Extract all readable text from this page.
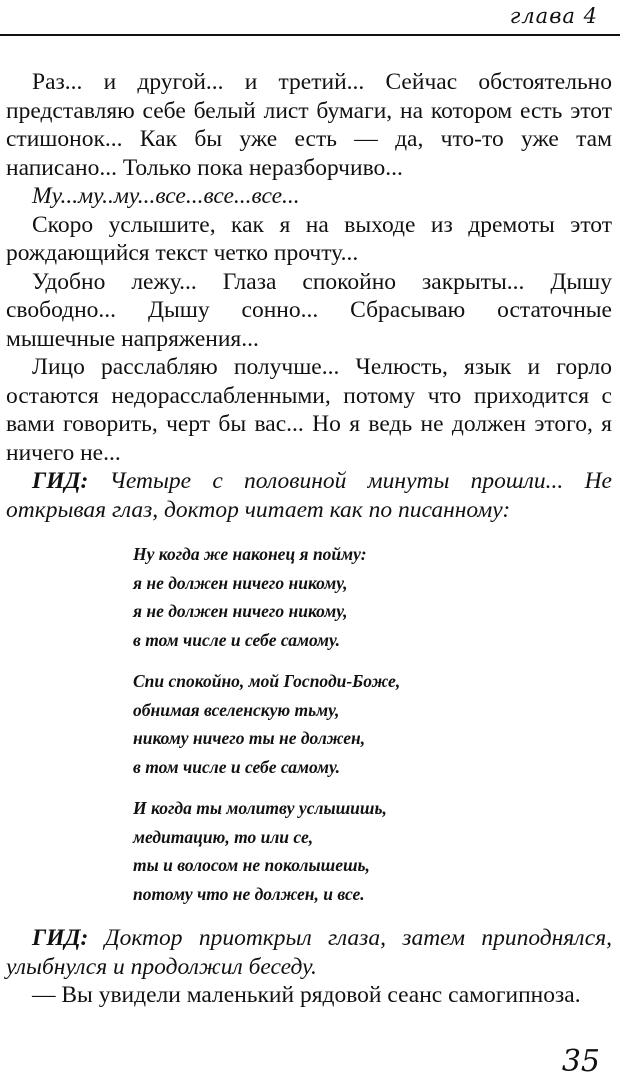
глава 4

Раз... и другой... и третий... Сейчас обстоятельно представляю себе белый лист бумаги, на котором есть этот стишонок... Как бы уже есть — да, что-то уже там написано... Только пока неразборчиво...

Му...му..му...все...все...все...

Скоро услышите, как я на выходе из дремоты этот рождающийся текст четко прочту...

Удобно лежу... Глаза спокойно закрыты... Дышу свободно... Дышу сонно... Сбрасываю остаточные мышечные напряжения...

Лицо расслабляю получше... Челюсть, язык и горло остаются недорасслабленными, потому что приходится с вами говорить, черт бы вас... Но я ведь не должен этого, я ничего не...

ГИД: Четыре с половиной минуты прошли... Не открывая глаз, доктор читает как по писанному:

Ну когда же наконец я пойму:
я не должен ничего никому,
я не должен ничего никому,
в том числе и себе самому.
Спи спокойно, мой Господи-Боже,
обнимая вселенскую тьму,
никому ничего ты не должен,
в том числе и себе самому.
И когда ты молитву услышишь,
медитацию, то или се,
ты и волосом не поколышешь,
потому что не должен, и все.

ГИД: Доктор приоткрыл глаза, затем приподнялся, улыбнулся и продолжил беседу.

— Вы увидели маленький рядовой сеанс самогипноза.

35
